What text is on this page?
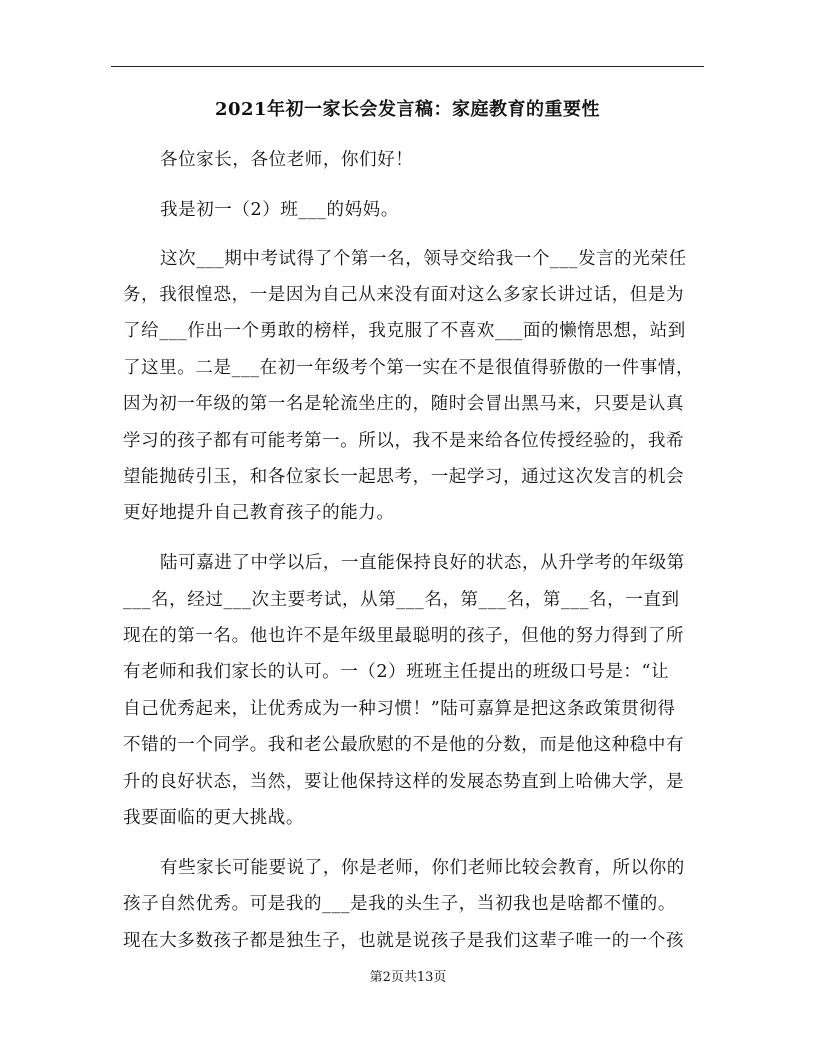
2021年初一家长会发言稿：家庭教育的重要性
各位家长，各位老师，你们好！
我是初一（2）班___的妈妈。
这次___期中考试得了个第一名，领导交给我一个___发言的光荣任
务，我很惶恐，一是因为自己从来没有面对这么多家长讲过话，但是为
了给___作出一个勇敢的榜样，我克服了不喜欢___面的懒惰思想，站到
了这里。二是___在初一年级考个第一实在不是很值得骄傲的一件事情，
因为初一年级的第一名是轮流坐庄的，随时会冒出黑马来，只要是认真
学习的孩子都有可能考第一。所以，我不是来给各位传授经验的，我希
望能抛砖引玉，和各位家长一起思考，一起学习，通过这次发言的机会
更好地提升自己教育孩子的能力。
陆可嘉进了中学以后，一直能保持良好的状态，从升学考的年级第
___名，经过___次主要考试，从第___名，第___名，第___名，一直到
现在的第一名。他也许不是年级里最聪明的孩子，但他的努力得到了所
有老师和我们家长的认可。一（2）班班主任提出的班级口号是：“让
自己优秀起来，让优秀成为一种习惯！”陆可嘉算是把这条政策贯彻得
不错的一个同学。我和老公最欣慰的不是他的分数，而是他这种稳中有
升的良好状态，当然，要让他保持这样的发展态势直到上哈佛大学，是
我要面临的更大挑战。
有些家长可能要说了，你是老师，你们老师比较会教育，所以你的
孩子自然优秀。可是我的___是我的头生子，当初我也是啥都不懂的。
现在大多数孩子都是独生子，也就是说孩子是我们这辈子唯一的一个孩
第2页共13页
